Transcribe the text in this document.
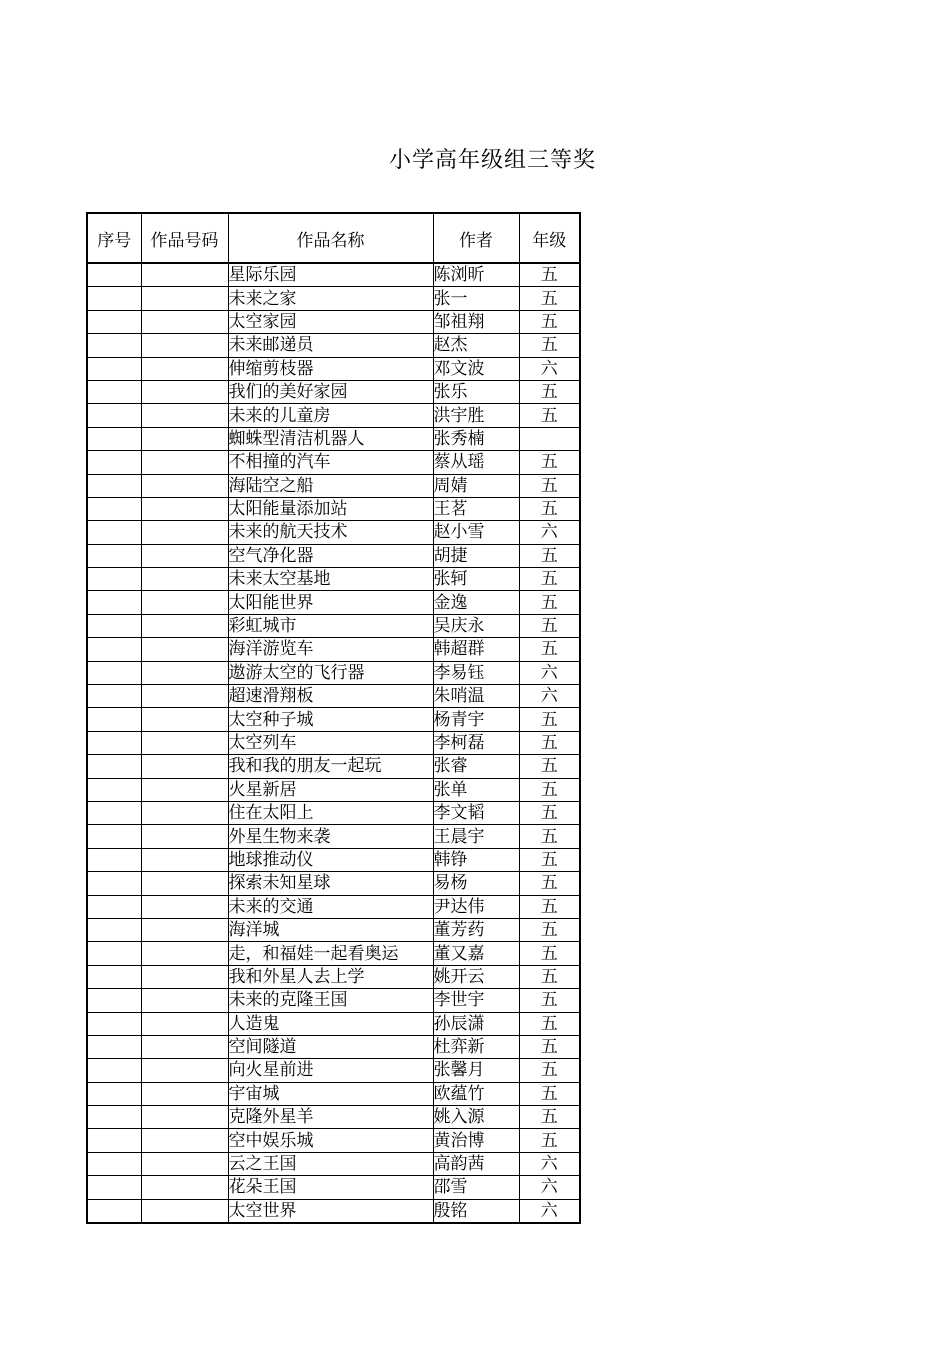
小学高年级组三等奖
序号	作品号码	作品名称	作者	年级
		星际乐园	陈浏昕	五
		未来之家	张一	五
		太空家园	邹祖翔	五
		未来邮递员	赵杰	五
		伸缩剪枝器	邓文波	六
		我们的美好家园	张乐	五
		未来的儿童房	洪宇胜	五
		蜘蛛型清洁机器人	张秀楠	
		不相撞的汽车	蔡从瑶	五
		海陆空之船	周婧	五
		太阳能量添加站	王茗	五
		未来的航天技术	赵小雪	六
		空气净化器	胡捷	五
		未来太空基地	张轲	五
		太阳能世界	金逸	五
		彩虹城市	吴庆永	五
		海洋游览车	韩超群	五
		遨游太空的飞行器	李易钰	六
		超速滑翔板	朱哨温	六
		太空种子城	杨青宇	五
		太空列车	李柯磊	五
		我和我的朋友一起玩	张睿	五
		火星新居	张单	五
		住在太阳上	李文韬	五
		外星生物来袭	王晨宇	五
		地球推动仪	韩铮	五
		探索未知星球	易杨	五
		未来的交通	尹达伟	五
		海洋城	董芳药	五
		走，和福娃一起看奥运	董又嘉	五
		我和外星人去上学	姚开云	五
		未来的克隆王国	李世宇	五
		人造鬼	孙辰潇	五
		空间隧道	杜弈新	五
		向火星前进	张馨月	五
		宇宙城	欧蕴竹	五
		克隆外星羊	姚入源	五
		空中娱乐城	黄治博	五
		云之王国	高韵茜	六
		花朵王国	邵雪	六
		太空世界	殷铭	六
